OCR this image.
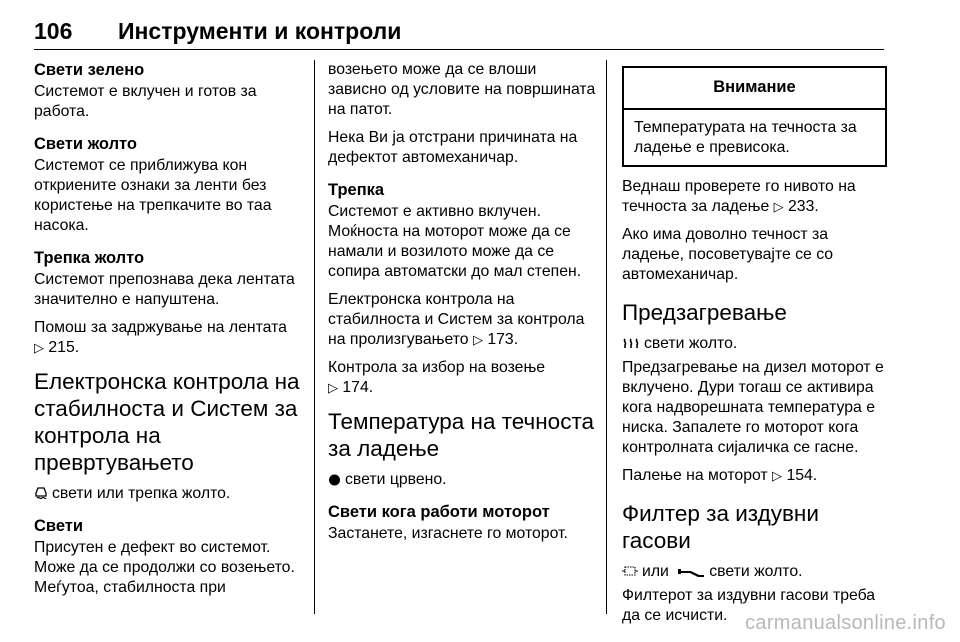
106 Инструменти и контроли
Свети зелено
Системот е вклучен и готов за работа.
Свети жолто
Системот се приближува кон откриените ознаки за ленти без користење на трепкачите во таа насока.
Трепка жолто
Системот препознава дека лентата значително е напуштена.
Помош за задржување на лентата
▷ 215.
Електронска контрола на стабилноста и Систем за контрола на превртувањето
свети или трепка жолто.
Свети
Присутен е дефект во системот. Може да се продолжи со возењето. Меѓутоа, стабилноста при
возењето може да се влоши зависно од условите на површината на патот.
Нека Ви ја отстрани причината на дефектот автомеханичар.
Трепка
Системот е активно вклучен. Моќноста на моторот може да се намали и возилото може да се сопира автоматски до мал степен.
Електронска контрола на стабилноста и Систем за контрола на пролизгувањето ▷ 173.
Контрола за избор на возење
▷ 174.
Температура на течноста за ладење
свети црвено.
Свети кога работи моторот
Застанете, изгаснете го моторот.
Внимание
Температурата на течноста за ладење е превисока.
Веднаш проверете го нивото на течноста за ладење ▷ 233.
Ако има доволно течност за ладење, посоветувајте се со автомеханичар.
Предзагревање
свети жолто.
Предзагревање на дизел моторот е вклучено. Дури тогаш се активира кога надворешната температура е ниска. Запалете го моторот кога контролната сијаличка се гасне.
Палење на моторот ▷ 154.
Филтер за издувни гасови
или	свети жолто.
Филтерот за издувни гасови треба да се исчисти. carmanualsonline.info
